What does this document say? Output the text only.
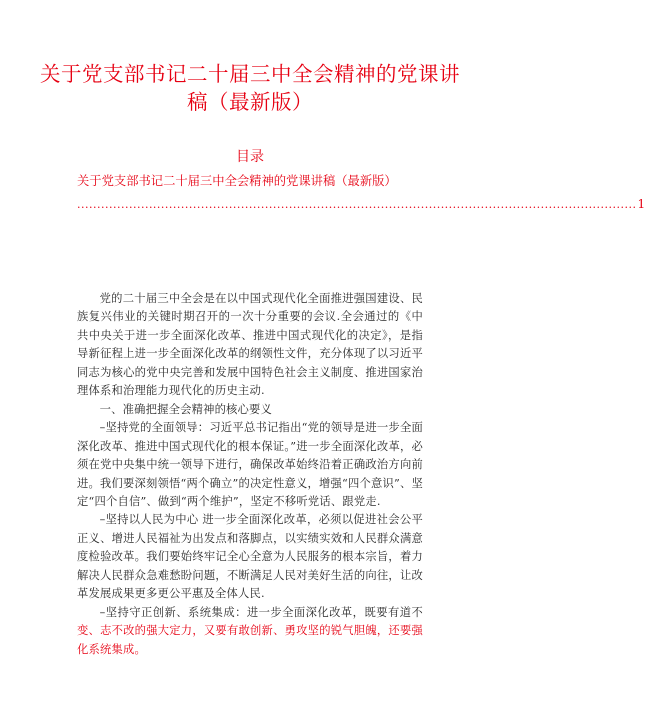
关于党支部书记二十届三中全会精神的党课讲稿（最新版）
目录
关于党支部书记二十届三中全会精神的党课讲稿（最新版）
............................................................................................................................................ 1

党的二十届三中全会是在以中国式现代化全面推进强国建设、民族复兴伟业的关键时期召开的一次十分重要的会议.全会通过的《中共中央关于进一步全面深化改革、推进中国式现代化的决定》，是指导新征程上进一步全面深化改革的纲领性文件，充分体现了以习近平同志为核心的党中央完善和发展中国特色社会主义制度、推进国家治理体系和治理能力现代化的历史主动.

一、准确把握全会精神的核心要义

–坚持党的全面领导：习近平总书记指出“党的领导是进一步全面深化改革、推进中国式现代化的根本保证。”进一步全面深化改革，必须在党中央集中统一领导下进行，确保改革始终沿着正确政治方向前进。我们要深刻领悟“两个确立”的决定性意义，增强“四个意识”、坚定“四个自信”、做到“两个维护”，坚定不移听党话、跟党走.

–坚持以人民为中心 进一步全面深化改革，必须以促进社会公平正义、增进人民福祉为出发点和落脚点，以实绩实效和人民群众满意度检验改革。我们要始终牢记全心全意为人民服务的根本宗旨，着力解决人民群众急难愁盼问题，不断满足人民对美好生活的向往，让改革发展成果更多更公平惠及全体人民.

–坚持守正创新、系统集成：进一步全面深化改革，既要有道不变、志不改的强大定力，又要有敢创新、勇攻坚的锐气胆魄，还要强化系统集成。
